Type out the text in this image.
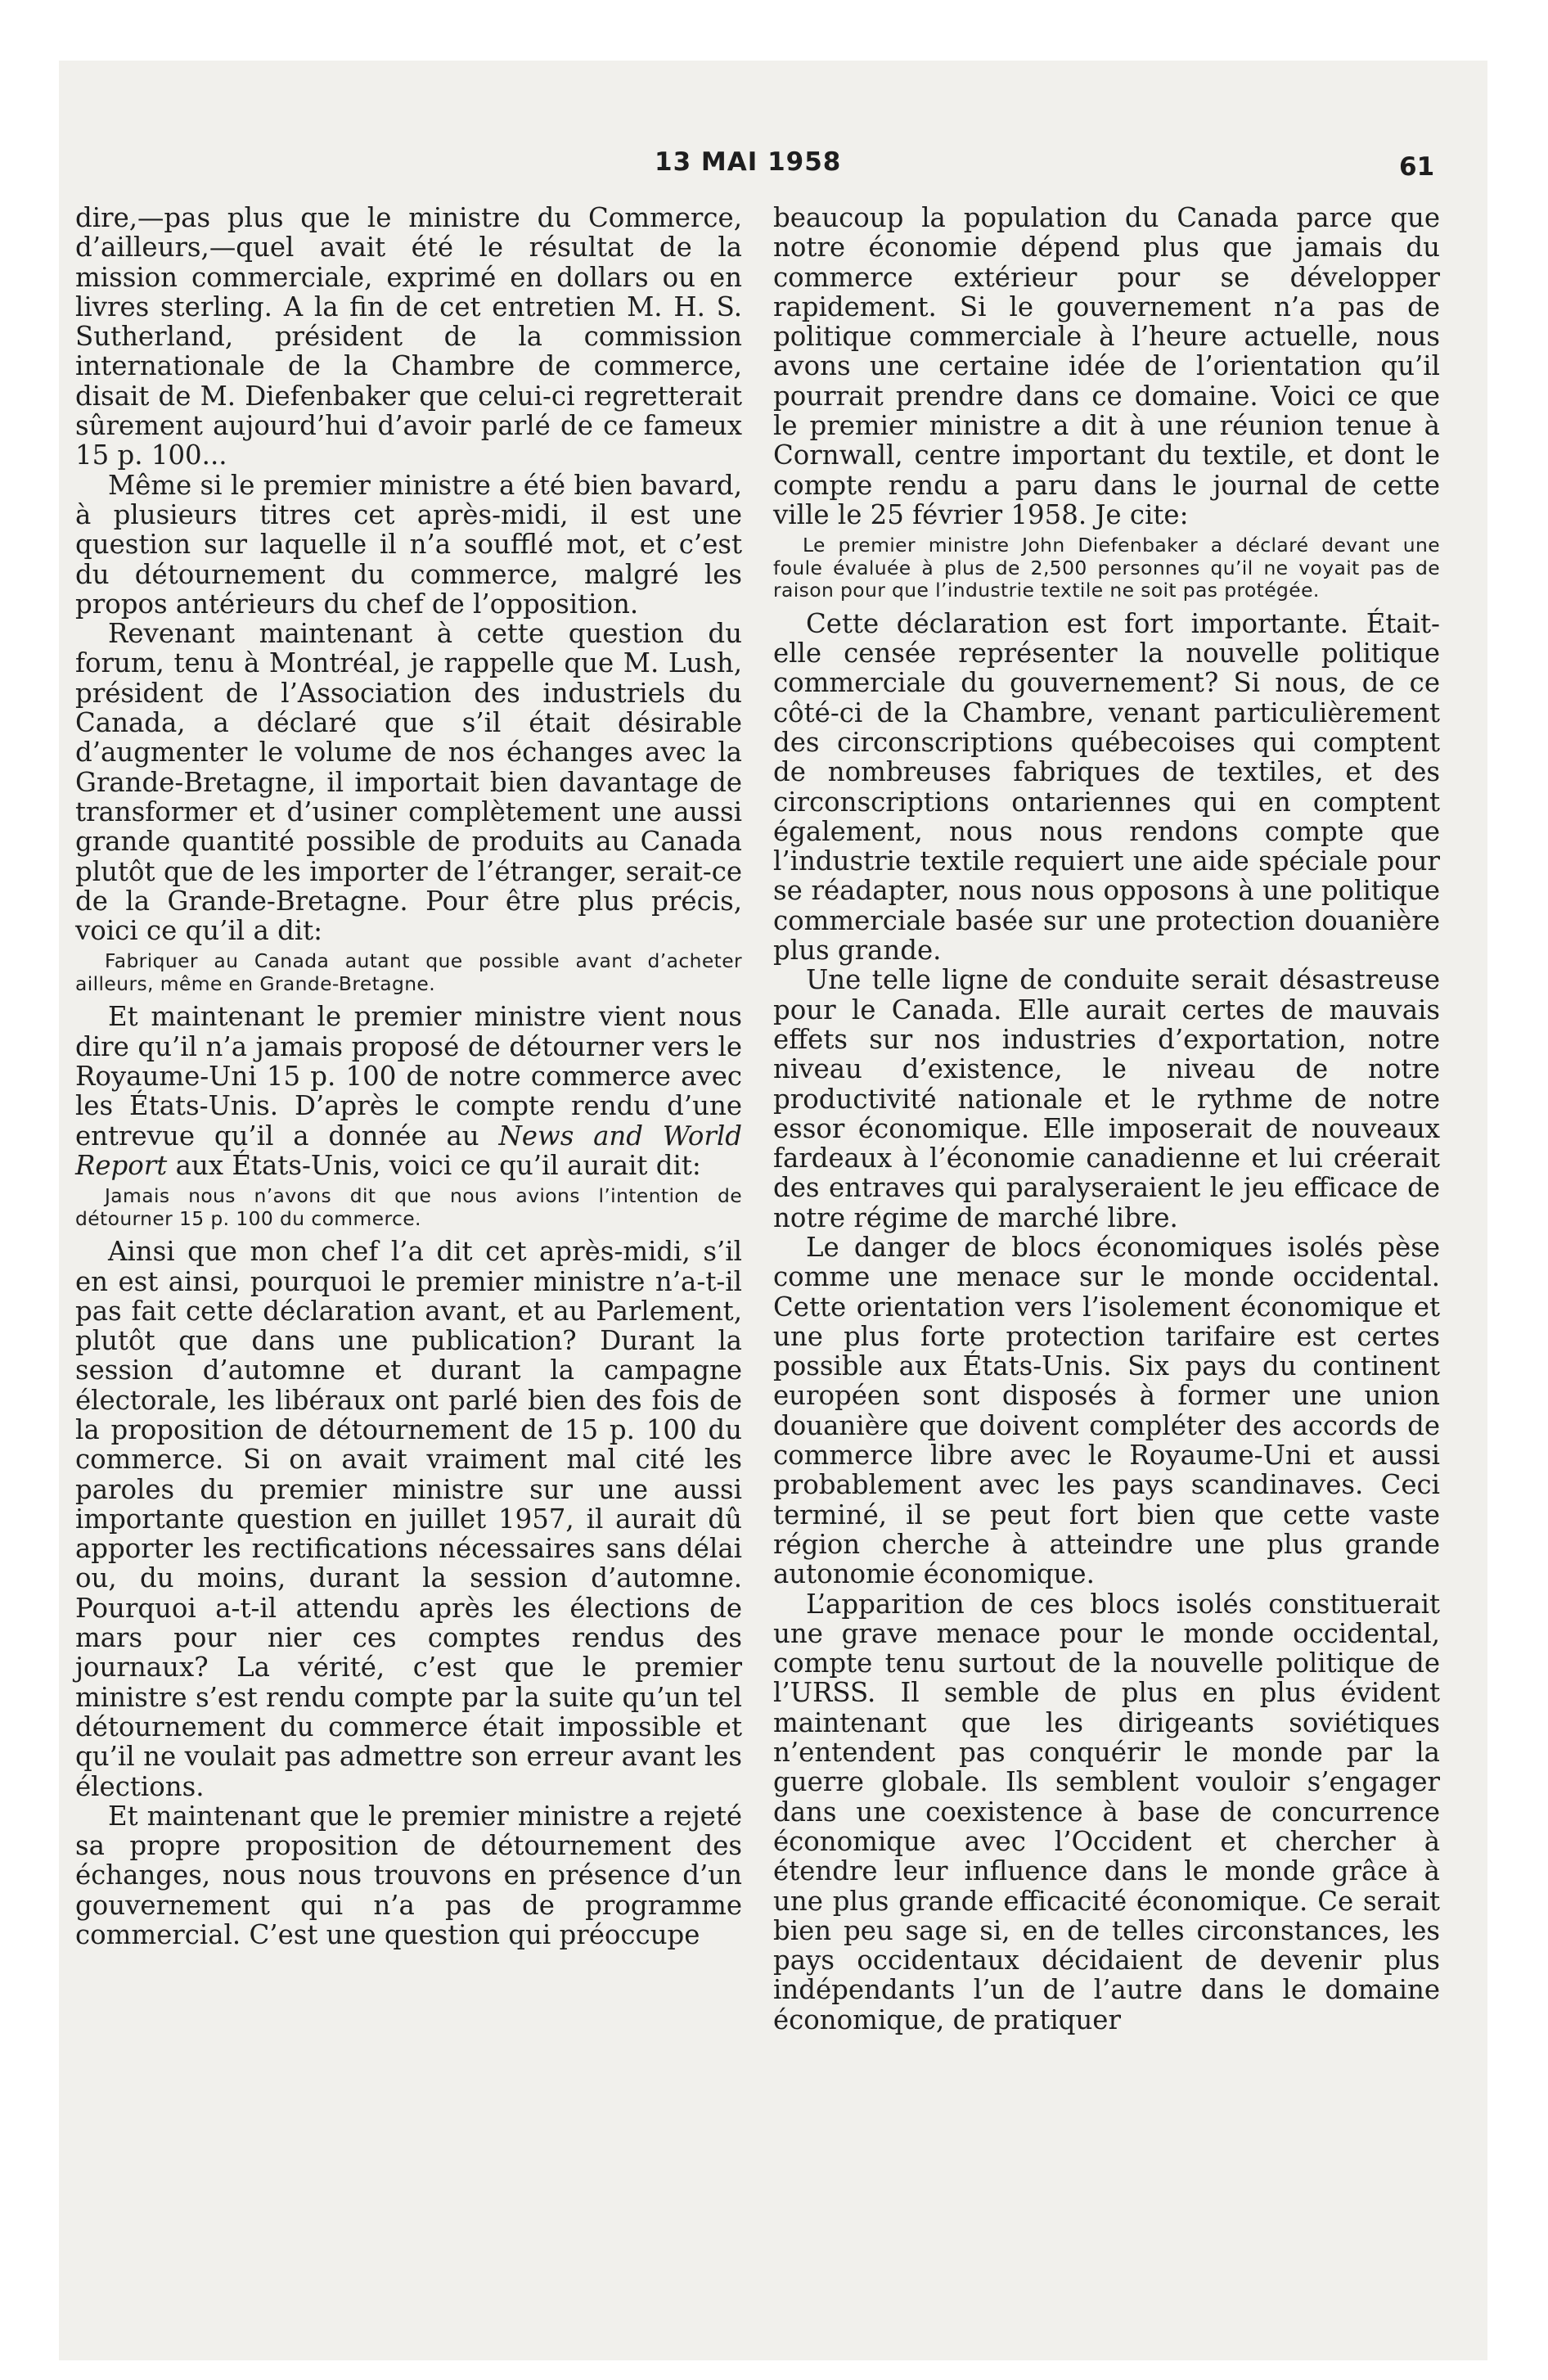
13 MAI 1958	61

dire,—pas plus que le ministre du Commerce, d’ailleurs,—quel avait été le résultat de la mission commerciale, exprimé en dollars ou en livres sterling. A la fin de cet entretien M. H. S. Sutherland, président de la commission internationale de la Chambre de commerce, disait de M. Diefenbaker que celui-ci regretterait sûrement aujourd’hui d’avoir parlé de ce fameux 15 p. 100...

Même si le premier ministre a été bien bavard, à plusieurs titres cet après-midi, il est une question sur laquelle il n’a soufflé mot, et c’est du détournement du commerce, malgré les propos antérieurs du chef de l’opposition.

Revenant maintenant à cette question du forum, tenu à Montréal, je rappelle que M. Lush, président de l’Association des industriels du Canada, a déclaré que s’il était désirable d’augmenter le volume de nos échanges avec la Grande-Bretagne, il importait bien davantage de transformer et d’usiner complètement une aussi grande quantité possible de produits au Canada plutôt que de les importer de l’étranger, serait-ce de la Grande-Bretagne. Pour être plus précis, voici ce qu’il a dit:

Fabriquer au Canada autant que possible avant d’acheter ailleurs, même en Grande-Bretagne.

Et maintenant le premier ministre vient nous dire qu’il n’a jamais proposé de détourner vers le Royaume-Uni 15 p. 100 de notre commerce avec les États-Unis. D’après le compte rendu d’une entrevue qu’il a donnée au News and World Report aux États-Unis, voici ce qu’il aurait dit:

Jamais nous n’avons dit que nous avions l’intention de détourner 15 p. 100 du commerce.

Ainsi que mon chef l’a dit cet après-midi, s’il en est ainsi, pourquoi le premier ministre n’a-t-il pas fait cette déclaration avant, et au Parlement, plutôt que dans une publication? Durant la session d’automne et durant la campagne électorale, les libéraux ont parlé bien des fois de la proposition de détournement de 15 p. 100 du commerce. Si on avait vraiment mal cité les paroles du premier ministre sur une aussi importante question en juillet 1957, il aurait dû apporter les rectifications nécessaires sans délai ou, du moins, durant la session d’automne. Pourquoi a-t-il attendu après les élections de mars pour nier ces comptes rendus des journaux? La vérité, c’est que le premier ministre s’est rendu compte par la suite qu’un tel détournement du commerce était impossible et qu’il ne voulait pas admettre son erreur avant les élections.

Et maintenant que le premier ministre a rejeté sa propre proposition de détournement des échanges, nous nous trouvons en présence d’un gouvernement qui n’a pas de programme commercial. C’est une question qui préoccupe

beaucoup la population du Canada parce que notre économie dépend plus que jamais du commerce extérieur pour se développer rapidement. Si le gouvernement n’a pas de politique commerciale à l’heure actuelle, nous avons une certaine idée de l’orientation qu’il pourrait prendre dans ce domaine. Voici ce que le premier ministre a dit à une réunion tenue à Cornwall, centre important du textile, et dont le compte rendu a paru dans le journal de cette ville le 25 février 1958. Je cite:

Le premier ministre John Diefenbaker a déclaré devant une foule évaluée à plus de 2,500 personnes qu’il ne voyait pas de raison pour que l’industrie textile ne soit pas protégée.

Cette déclaration est fort importante. Était-elle censée représenter la nouvelle politique commerciale du gouvernement? Si nous, de ce côté-ci de la Chambre, venant particulièrement des circonscriptions québecoises qui comptent de nombreuses fabriques de textiles, et des circonscriptions ontariennes qui en comptent également, nous nous rendons compte que l’industrie textile requiert une aide spéciale pour se réadapter, nous nous opposons à une politique commerciale basée sur une protection douanière plus grande.

Une telle ligne de conduite serait désastreuse pour le Canada. Elle aurait certes de mauvais effets sur nos industries d’exportation, notre niveau d’existence, le niveau de notre productivité nationale et le rythme de notre essor économique. Elle imposerait de nouveaux fardeaux à l’économie canadienne et lui créerait des entraves qui paralyseraient le jeu efficace de notre régime de marché libre.

Le danger de blocs économiques isolés pèse comme une menace sur le monde occidental. Cette orientation vers l’isolement économique et une plus forte protection tarifaire est certes possible aux États-Unis. Six pays du continent européen sont disposés à former une union douanière que doivent compléter des accords de commerce libre avec le Royaume-Uni et aussi probablement avec les pays scandinaves. Ceci terminé, il se peut fort bien que cette vaste région cherche à atteindre une plus grande autonomie économique.

L’apparition de ces blocs isolés constituerait une grave menace pour le monde occidental, compte tenu surtout de la nouvelle politique de l’URSS. Il semble de plus en plus évident maintenant que les dirigeants soviétiques n’entendent pas conquérir le monde par la guerre globale. Ils semblent vouloir s’engager dans une coexistence à base de concurrence économique avec l’Occident et chercher à étendre leur influence dans le monde grâce à une plus grande efficacité économique. Ce serait bien peu sage si, en de telles circonstances, les pays occidentaux décidaient de devenir plus indépendants l’un de l’autre dans le domaine économique, de pratiquer
